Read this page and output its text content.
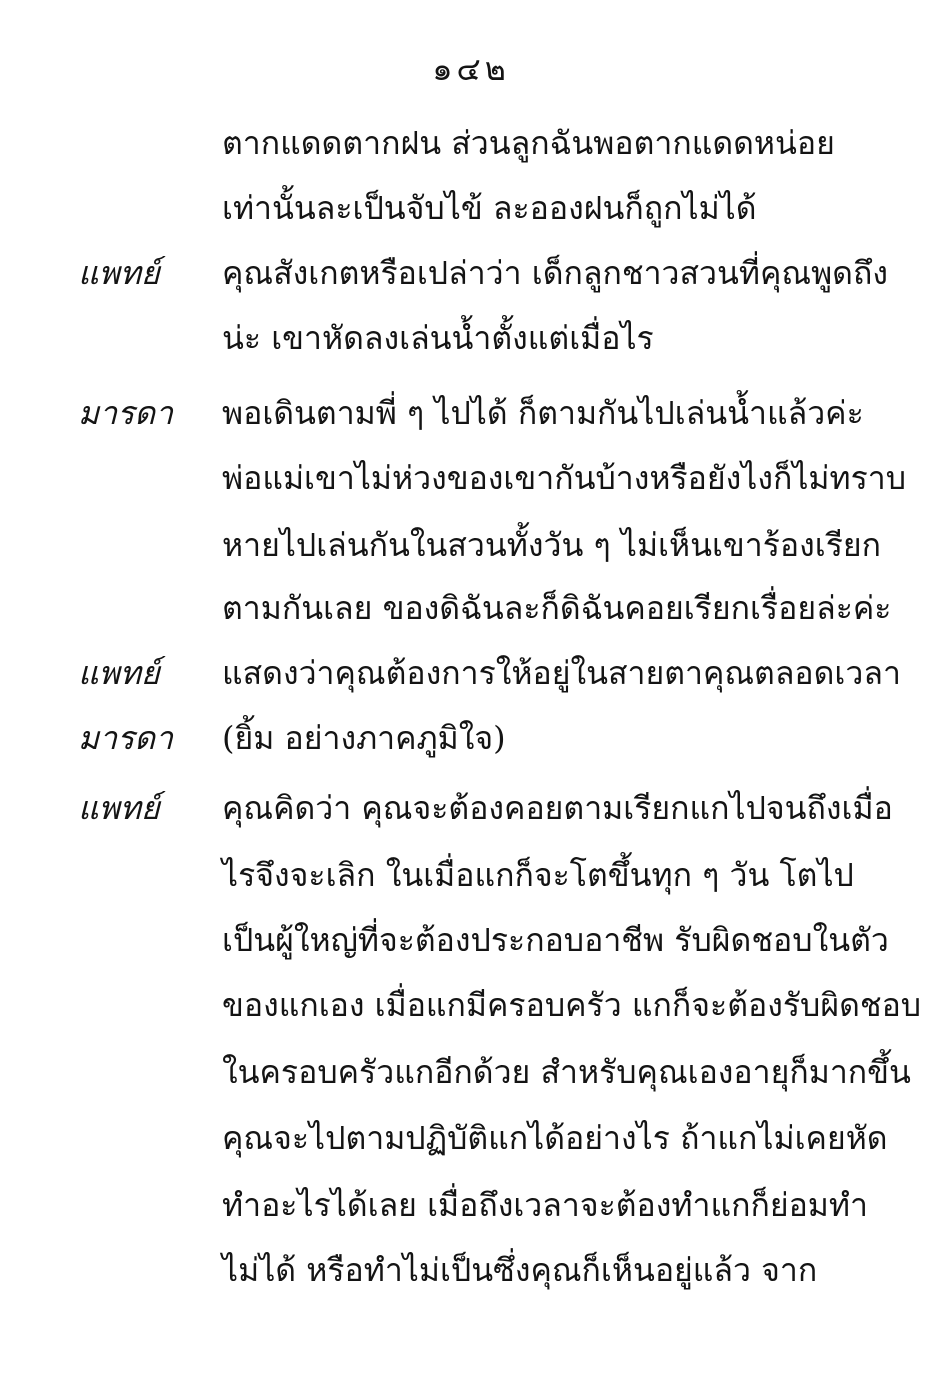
๑๔๒
ตากแดดตากฝน ส่วนลูกฉันพอตากแดดหน่อย
เท่านั้นละเป็นจับไข้ ละอองฝนก็ถูกไม่ได้
แพทย์ คุณสังเกตหรือเปล่าว่า เด็กลูกชาวสวนที่คุณพูดถึง
น่ะ เขาหัดลงเล่นน้ำตั้งแต่เมื่อไร
มารดา พอเดินตามพี่ ๆ ไปได้ ก็ตามกันไปเล่นน้ำแล้วค่ะ
พ่อแม่เขาไม่ห่วงของเขากันบ้างหรือยังไงก็ไม่ทราบ
หายไปเล่นกันในสวนทั้งวัน ๆ ไม่เห็นเขาร้องเรียก
ตามกันเลย ของดิฉันละก็ดิฉันคอยเรียกเรื่อยล่ะค่ะ
แพทย์ แสดงว่าคุณต้องการให้อยู่ในสายตาคุณตลอดเวลา
มารดา (ยิ้ม อย่างภาคภูมิใจ)
แพทย์ คุณคิดว่า คุณจะต้องคอยตามเรียกแกไปจนถึงเมื่อ
ไรจึงจะเลิก ในเมื่อแกก็จะโตขึ้นทุก ๆ วัน โตไป
เป็นผู้ใหญ่ที่จะต้องประกอบอาชีพ รับผิดชอบในตัว
ของแกเอง เมื่อแกมีครอบครัว แกก็จะต้องรับผิดชอบ
ในครอบครัวแกอีกด้วย สำหรับคุณเองอายุก็มากขึ้น
คุณจะไปตามปฏิบัติแกได้อย่างไร ถ้าแกไม่เคยหัด
ทำอะไรได้เลย เมื่อถึงเวลาจะต้องทำแกก็ย่อมทำ
ไม่ได้ หรือทำไม่เป็นซึ่งคุณก็เห็นอยู่แล้ว จาก
